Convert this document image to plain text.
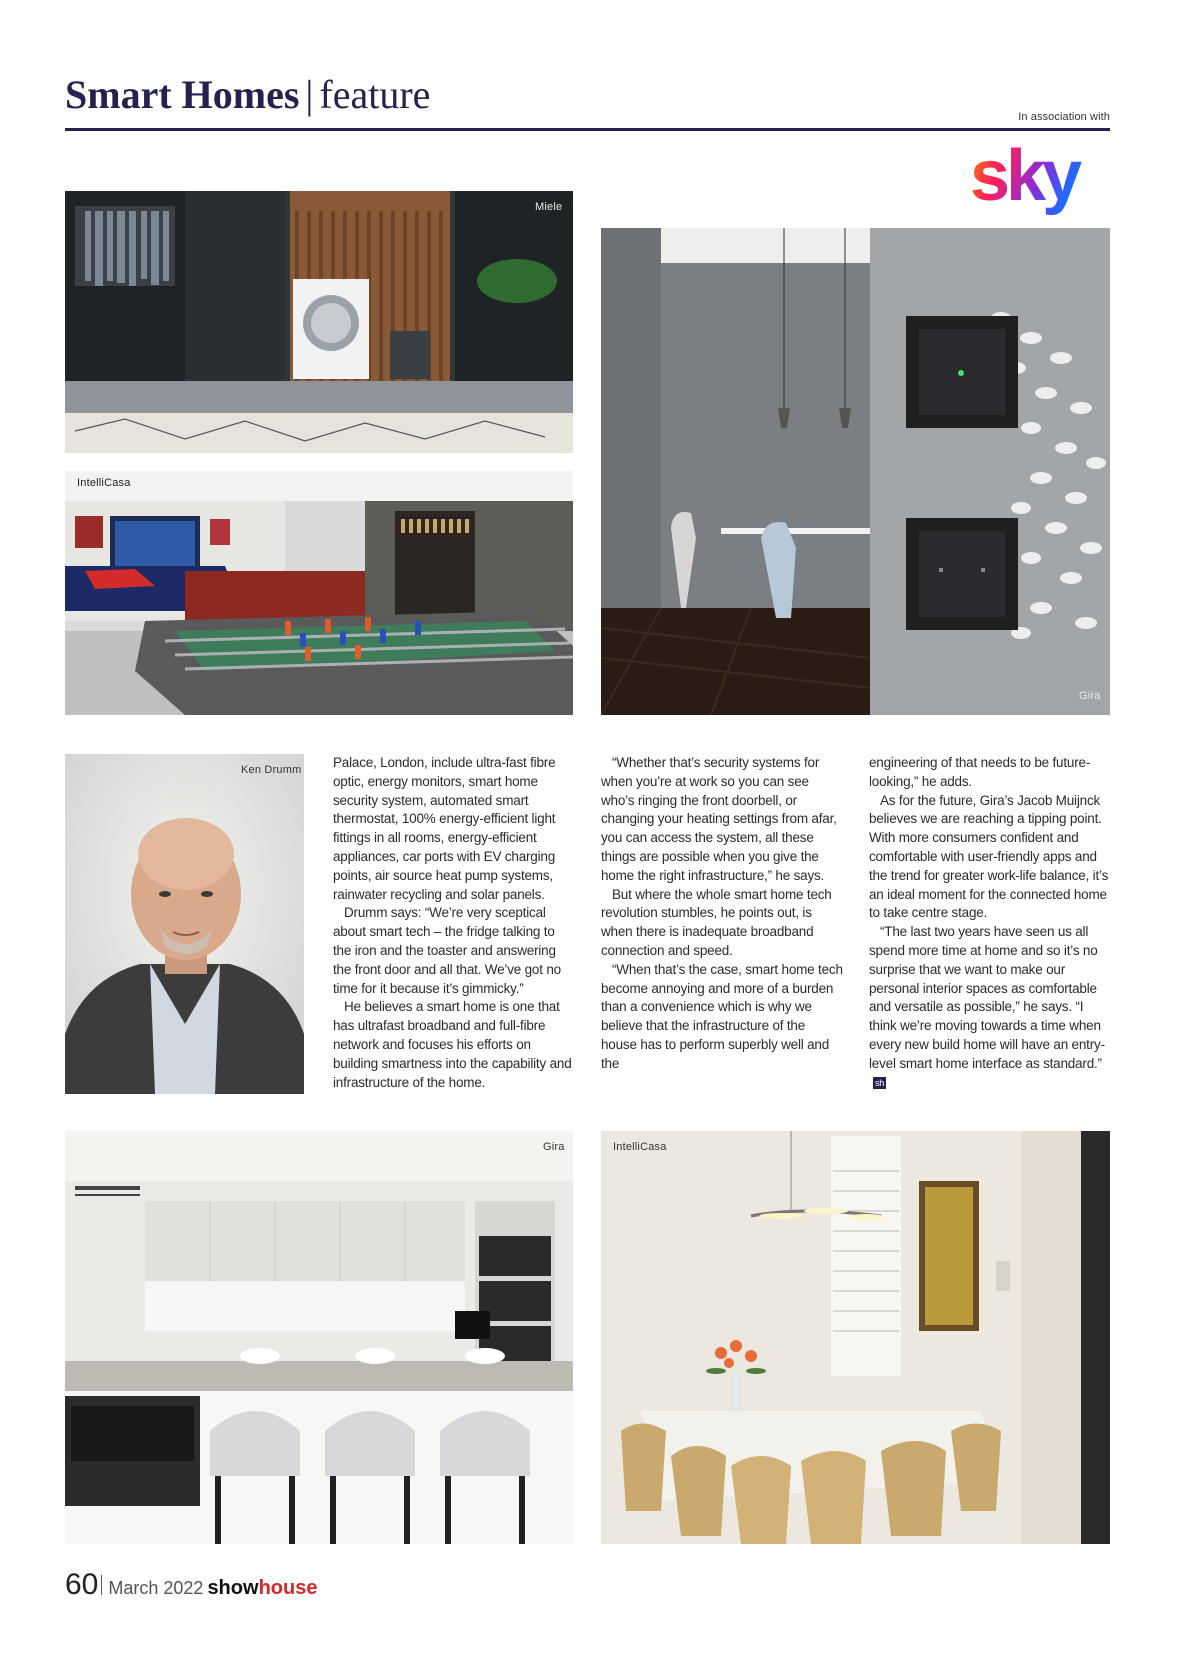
Smart Homes | feature	In association with
sky
Miele
IntelliCasa
Gira
Ken Drumm Palace, London, include ultra-fast fibre optic, energy monitors, smart home security system, automated smart thermostat, 100% energy-efficient light fittings in all rooms, energy-efficient appliances, car ports with EV charging points, air source heat pump systems, rainwater recycling and solar panels.

Drumm says: “We’re very sceptical about smart tech – the fridge talking to the iron and the toaster and answering the front door and all that. We’ve got no time for it because it’s gimmicky.”

He believes a smart home is one that has ultrafast broadband and full-fibre network and focuses his efforts on building smartness into the capability and infrastructure of the home.

“Whether that’s security systems for when you’re at work so you can see who’s ringing the front doorbell, or changing your heating settings from afar, you can access the system, all these things are possible when you give the home the right infrastructure,” he says.

But where the whole smart home tech revolution stumbles, he points out, is when there is inadequate broadband connection and speed.

“When that’s the case, smart home tech become annoying and more of a burden than a convenience which is why we believe that the infrastructure of the house has to perform superbly well and the

engineering of that needs to be future-looking,” he adds.

As for the future, Gira’s Jacob Muijnck believes we are reaching a tipping point. With more consumers confident and comfortable with user-friendly apps and the trend for greater work-life balance, it’s an ideal moment for the connected home to take centre stage.

“The last two years have seen us all spend more time at home and so it’s no surprise that we want to make our personal interior spaces as comfortable and versatile as possible,” he says. “I think we’re moving towards a time when every new build home will have an entry-level smart home interface as standard.”sh

Gira	IntelliCasa
60 March 2022 showhouse
